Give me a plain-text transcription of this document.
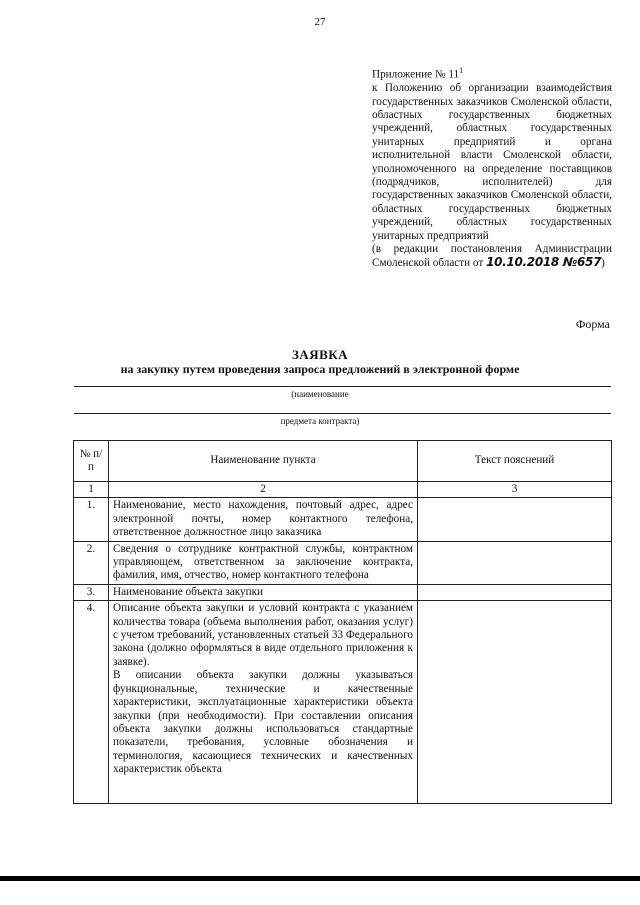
27
Приложение № $11^1$
к Положению об организации взаимодействия государственных заказчиков Смоленской области, областных государственных бюджетных учреждений, областных государственных унитарных предприятий и органа исполнительной власти Смоленской области, уполномоченного на определение поставщиков (подрядчиков, исполнителей) для государственных заказчиков Смоленской области, областных государственных бюджетных учреждений, областных государственных унитарных предприятий
(в редакции постановления Администрации Смоленской области от 10.10.2018 №657)
Форма
ЗАЯВКА
на закупку путем проведения запроса предложений в электронной форме
(наименование
предмета контракта)
№ п/п	Наименование пункта	Текст пояснений
1	2	3
1.	Наименование, место нахождения, почтовый адрес, адрес электронной почты, номер контактного телефона, ответственное должностное лицо заказчика	
2.	Сведения о сотруднике контрактной службы, контрактном управляющем, ответственном за заключение контракта, фамилия, имя, отчество, номер контактного телефона	
3.	Наименование объекта закупки	
4.	Описание объекта закупки и условий контракта с указанием количества товара (объема выполнения работ, оказания услуг) с учетом требований, установленных статьей 33 Федерального закона (должно оформляться в виде отдельного приложения к заявке).
В описании объекта закупки должны указываться функциональные, технические и качественные характеристики, эксплуатационные характеристики объекта закупки (при необходимости). При составлении описания объекта закупки должны использоваться стандартные показатели, требования, условные обозначения и терминология, касающиеся технических и качественных характеристик объекта	
